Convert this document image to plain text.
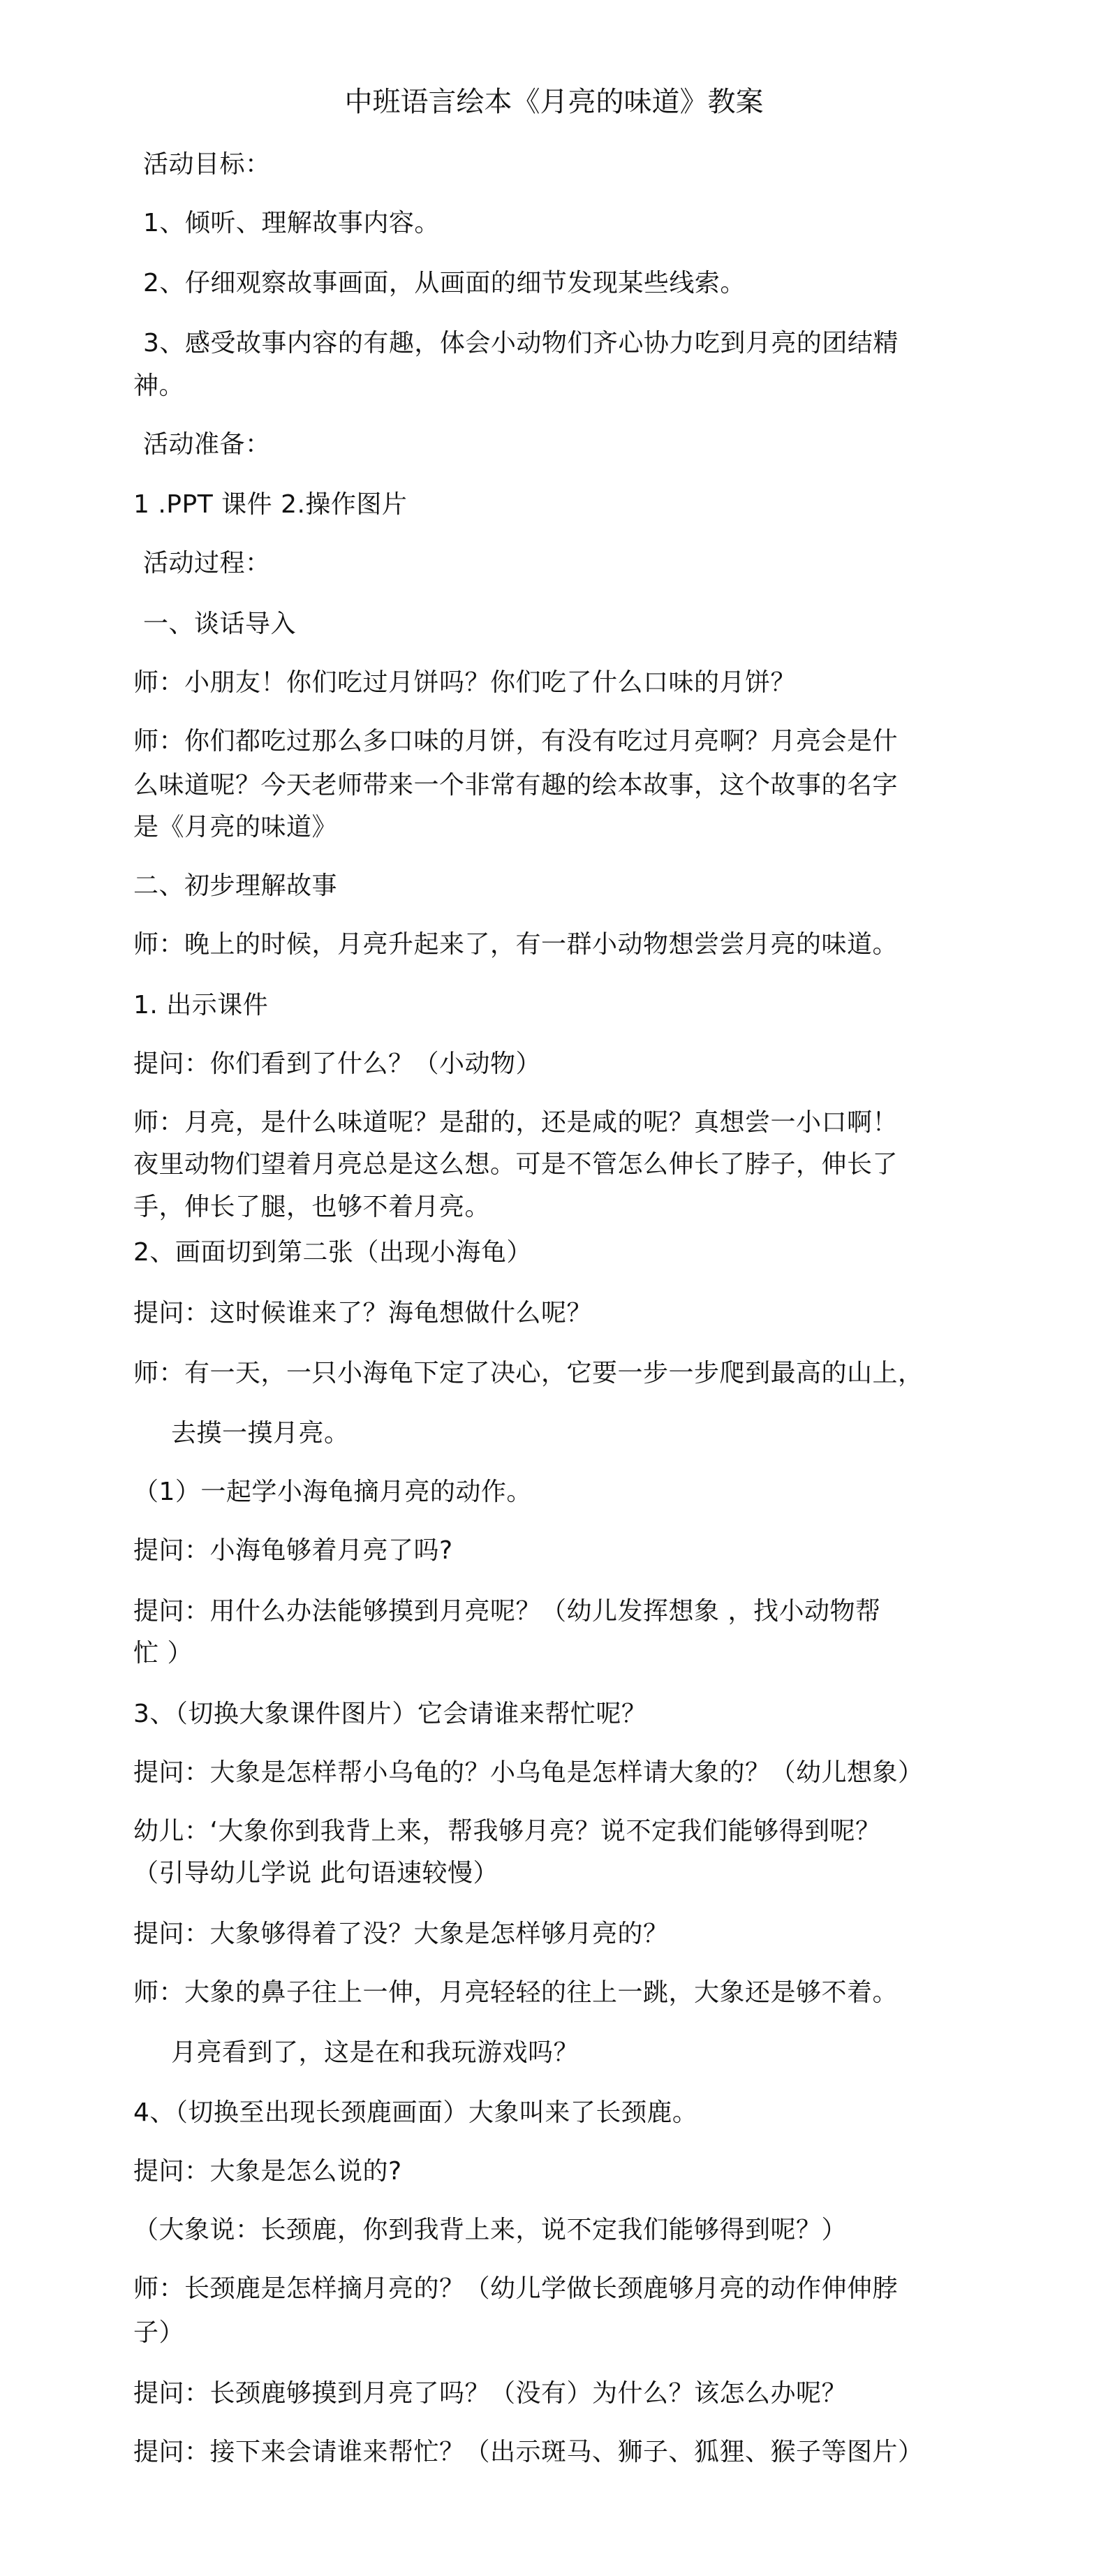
中班语言绘本《月亮的味道》教案
活动目标：
1、倾听、理解故事内容。
2、仔细观察故事画面，从画面的细节发现某些线索。
3、感受故事内容的有趣，体会小动物们齐心协力吃到月亮的团结精
神。
活动准备：
1 .PPT 课件 2.操作图片
活动过程：
一、谈话导入
师：小朋友！你们吃过月饼吗？你们吃了什么口味的月饼？
师：你们都吃过那么多口味的月饼，有没有吃过月亮啊？月亮会是什
么味道呢？今天老师带来一个非常有趣的绘本故事，这个故事的名字
是《月亮的味道》
二、初步理解故事
师：晚上的时候，月亮升起来了，有一群小动物想尝尝月亮的味道。
1. 出示课件
提问：你们看到了什么？（小动物）
师：月亮，是什么味道呢？是甜的，还是咸的呢？真想尝一小口啊！
夜里动物们望着月亮总是这么想。可是不管怎么伸长了脖子，伸长了
手，伸长了腿，也够不着月亮。
2、画面切到第二张（出现小海龟）
提问：这时候谁来了？海龟想做什么呢？
师：有一天，一只小海龟下定了决心，它要一步一步爬到最高的山上，
去摸一摸月亮。
（1）一起学小海龟摘月亮的动作。
提问：小海龟够着月亮了吗?
提问：用什么办法能够摸到月亮呢？（幼儿发挥想象 ，找小动物帮
忙 ）
3、（切换大象课件图片）它会请谁来帮忙呢？
提问：大象是怎样帮小乌龟的？小乌龟是怎样请大象的？（幼儿想象）
幼儿：‘大象你到我背上来，帮我够月亮？说不定我们能够得到呢？
（引导幼儿学说 此句语速较慢）
提问：大象够得着了没？大象是怎样够月亮的？
师：大象的鼻子往上一伸，月亮轻轻的往上一跳，大象还是够不着。
月亮看到了，这是在和我玩游戏吗？
4、（切换至出现长颈鹿画面）大象叫来了长颈鹿。
提问：大象是怎么说的?
（大象说：长颈鹿，你到我背上来，说不定我们能够得到呢？）
师：长颈鹿是怎样摘月亮的？（幼儿学做长颈鹿够月亮的动作伸伸脖
子）
提问：长颈鹿够摸到月亮了吗？（没有）为什么？该怎么办呢？
提问：接下来会请谁来帮忙？（出示斑马、狮子、狐狸、猴子等图片）
